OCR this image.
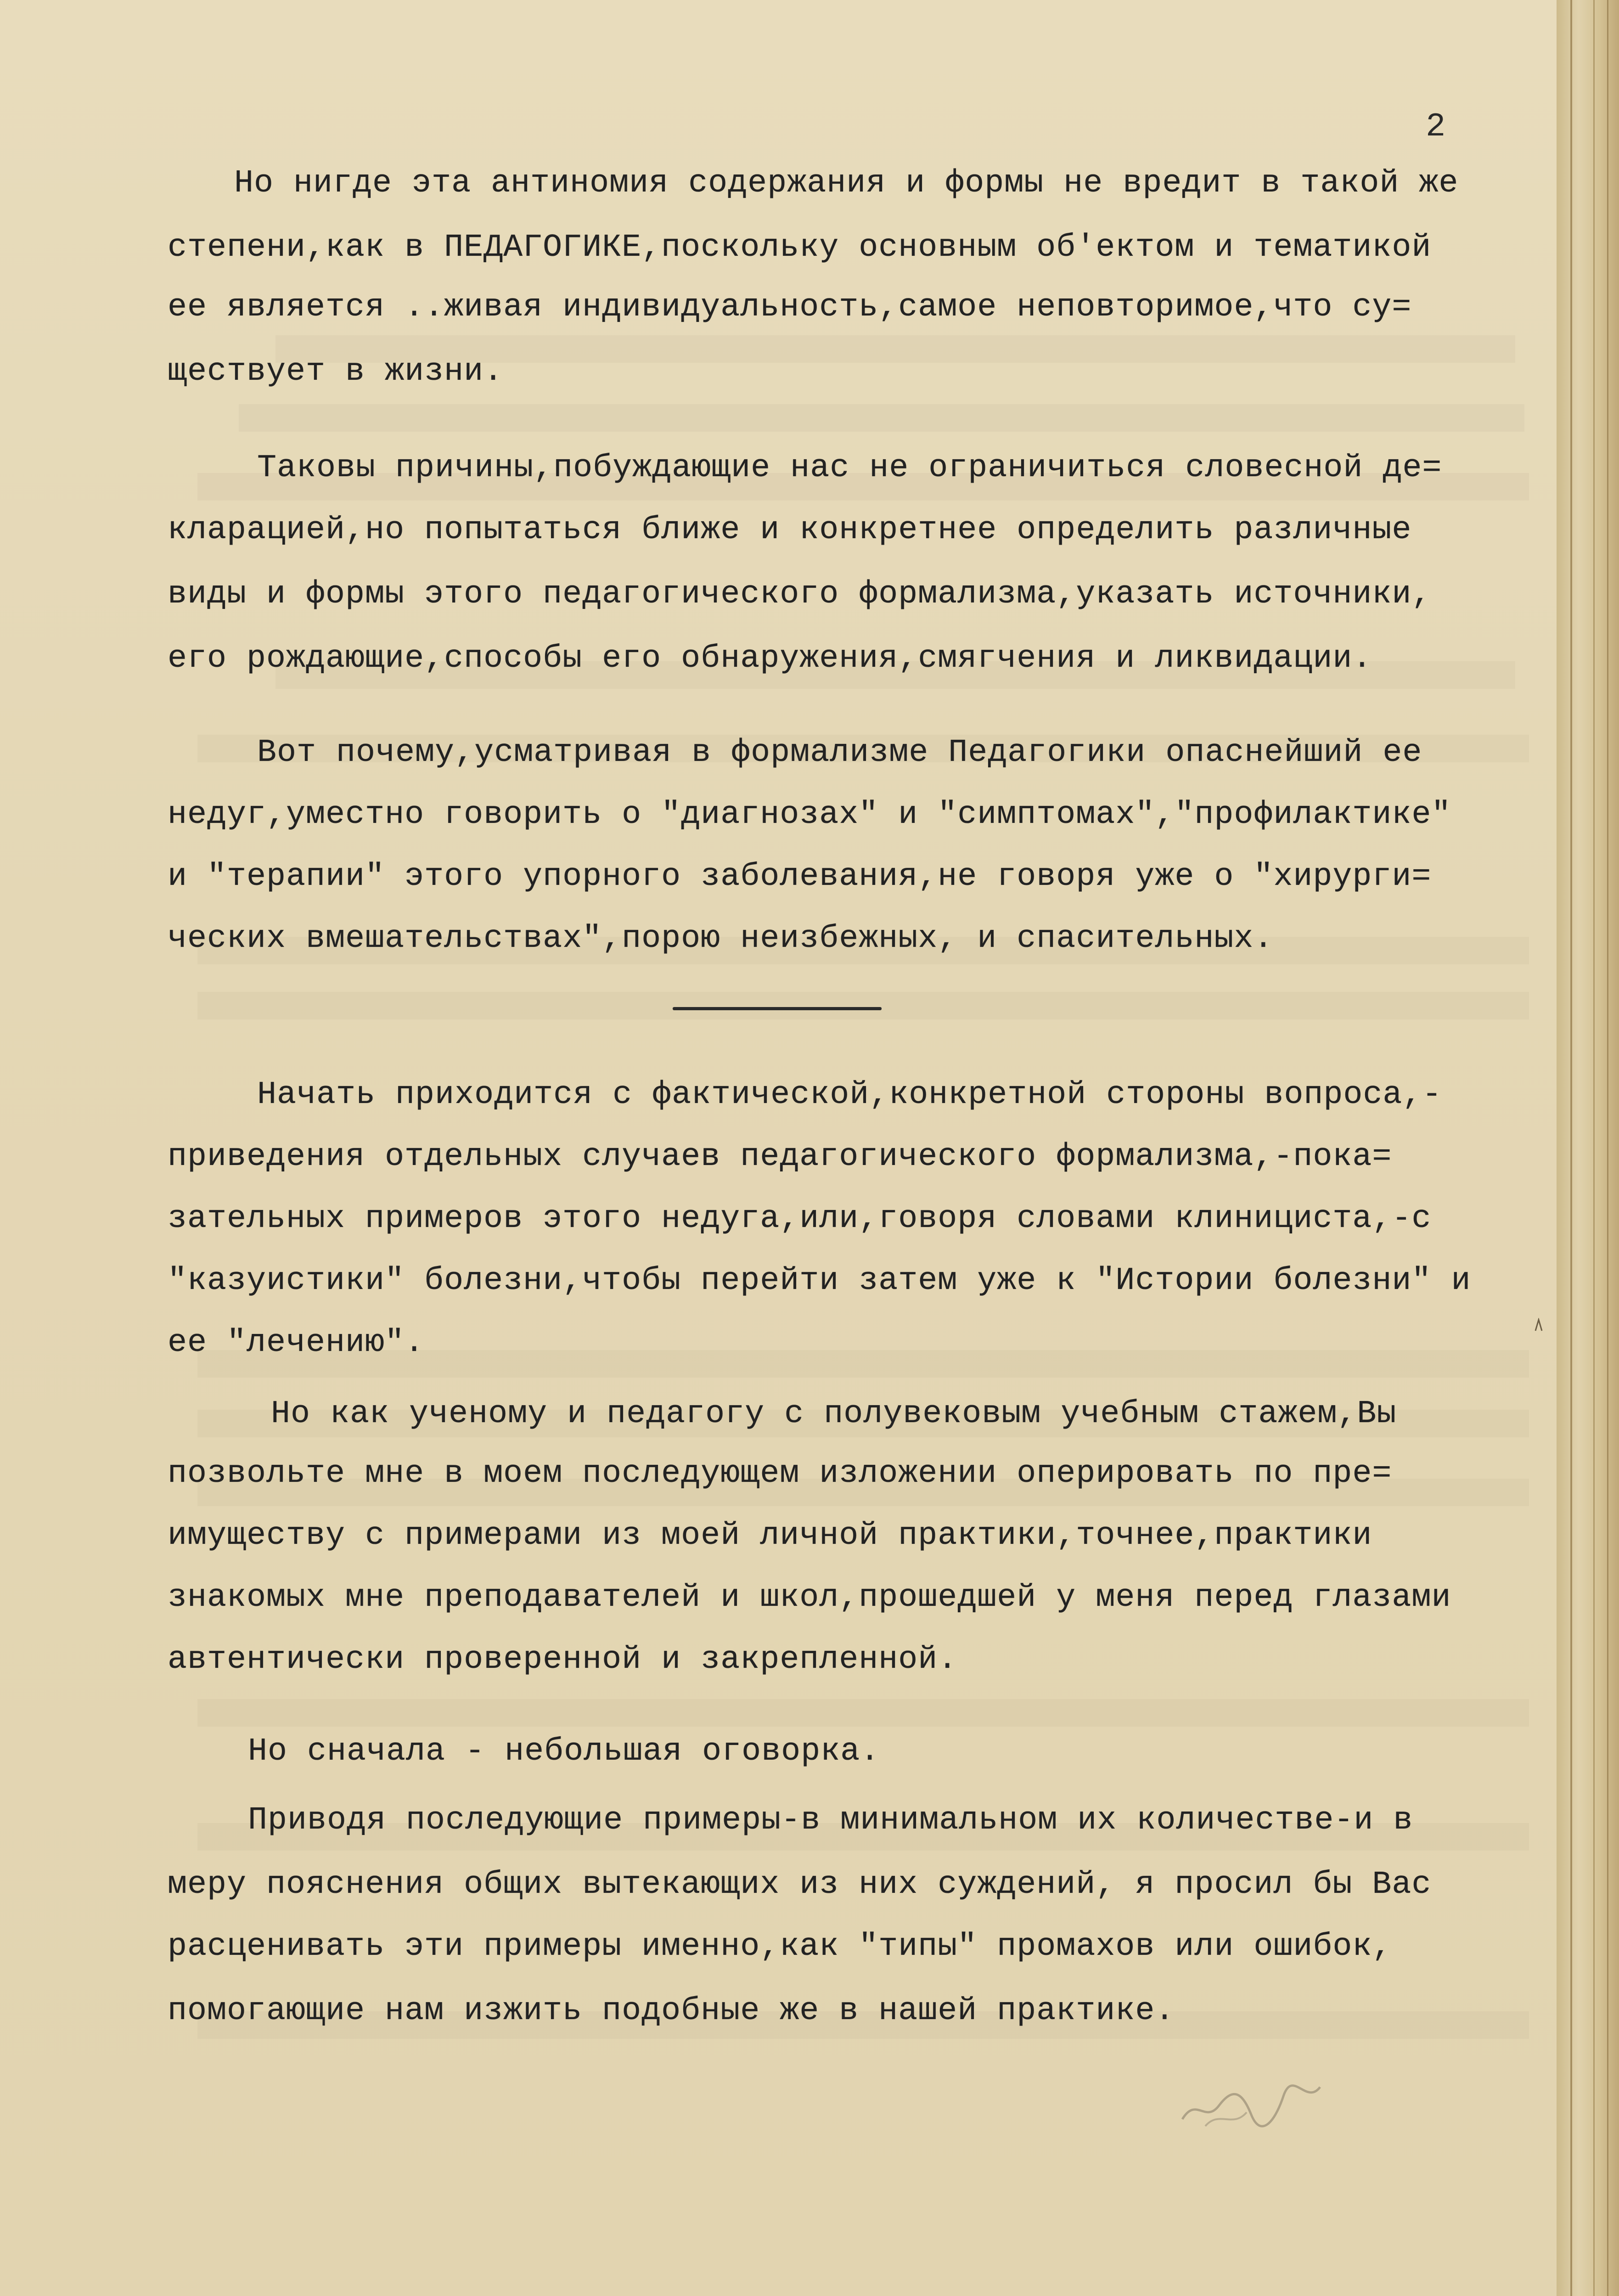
2
Но нигде эта антиномия содержания и формы не вредит в такой же
степени,как в ПЕДАГОГИКЕ,поскольку основным об'ектом и тематикой
ее является ..живая индивидуальность,самое неповторимое,что су=
ществует в жизни.
Таковы причины,побуждающие нас не ограничиться словесной де=
кларацией,но попытаться ближе и конкретнее определить различные
виды и формы этого педагогического формализма,указать источники,
его рождающие,способы его обнаружения,смягчения и ликвидации.
Вот почему,усматривая в формализме Педагогики опаснейший ее
недуг,уместно говорить о "диагнозах" и "симптомах","профилактике"
и "терапии" этого упорного заболевания,не говоря уже о "хирурги=
ческих вмешательствах",порою неизбежных, и спасительных.
Начать приходится с фактической,конкретной стороны вопроса,-
приведения отдельных случаев педагогического формализма,-пока=
зательных примеров этого недуга,или,говоря словами клинициста,-с
"казуистики" болезни,чтобы перейти затем уже к "Истории болезни" и
ее "лечению".
Но как ученому и педагогу с полувековым учебным стажем,Вы
позвольте мне в моем последующем изложении оперировать по пре=
имуществу с примерами из моей личной практики,точнее,практики
знакомых мне преподавателей и школ,прошедшей у меня перед глазами
автентически проверенной и закрепленной.
Но сначала - небольшая оговорка.
Приводя последующие примеры-в минимальном их количестве-и в
меру пояснения общих вытекающих из них суждений, я просил бы Вас
расценивать эти примеры именно,как "типы" промахов или ошибок,
помогающие нам изжить подобные же в нашей практике.
